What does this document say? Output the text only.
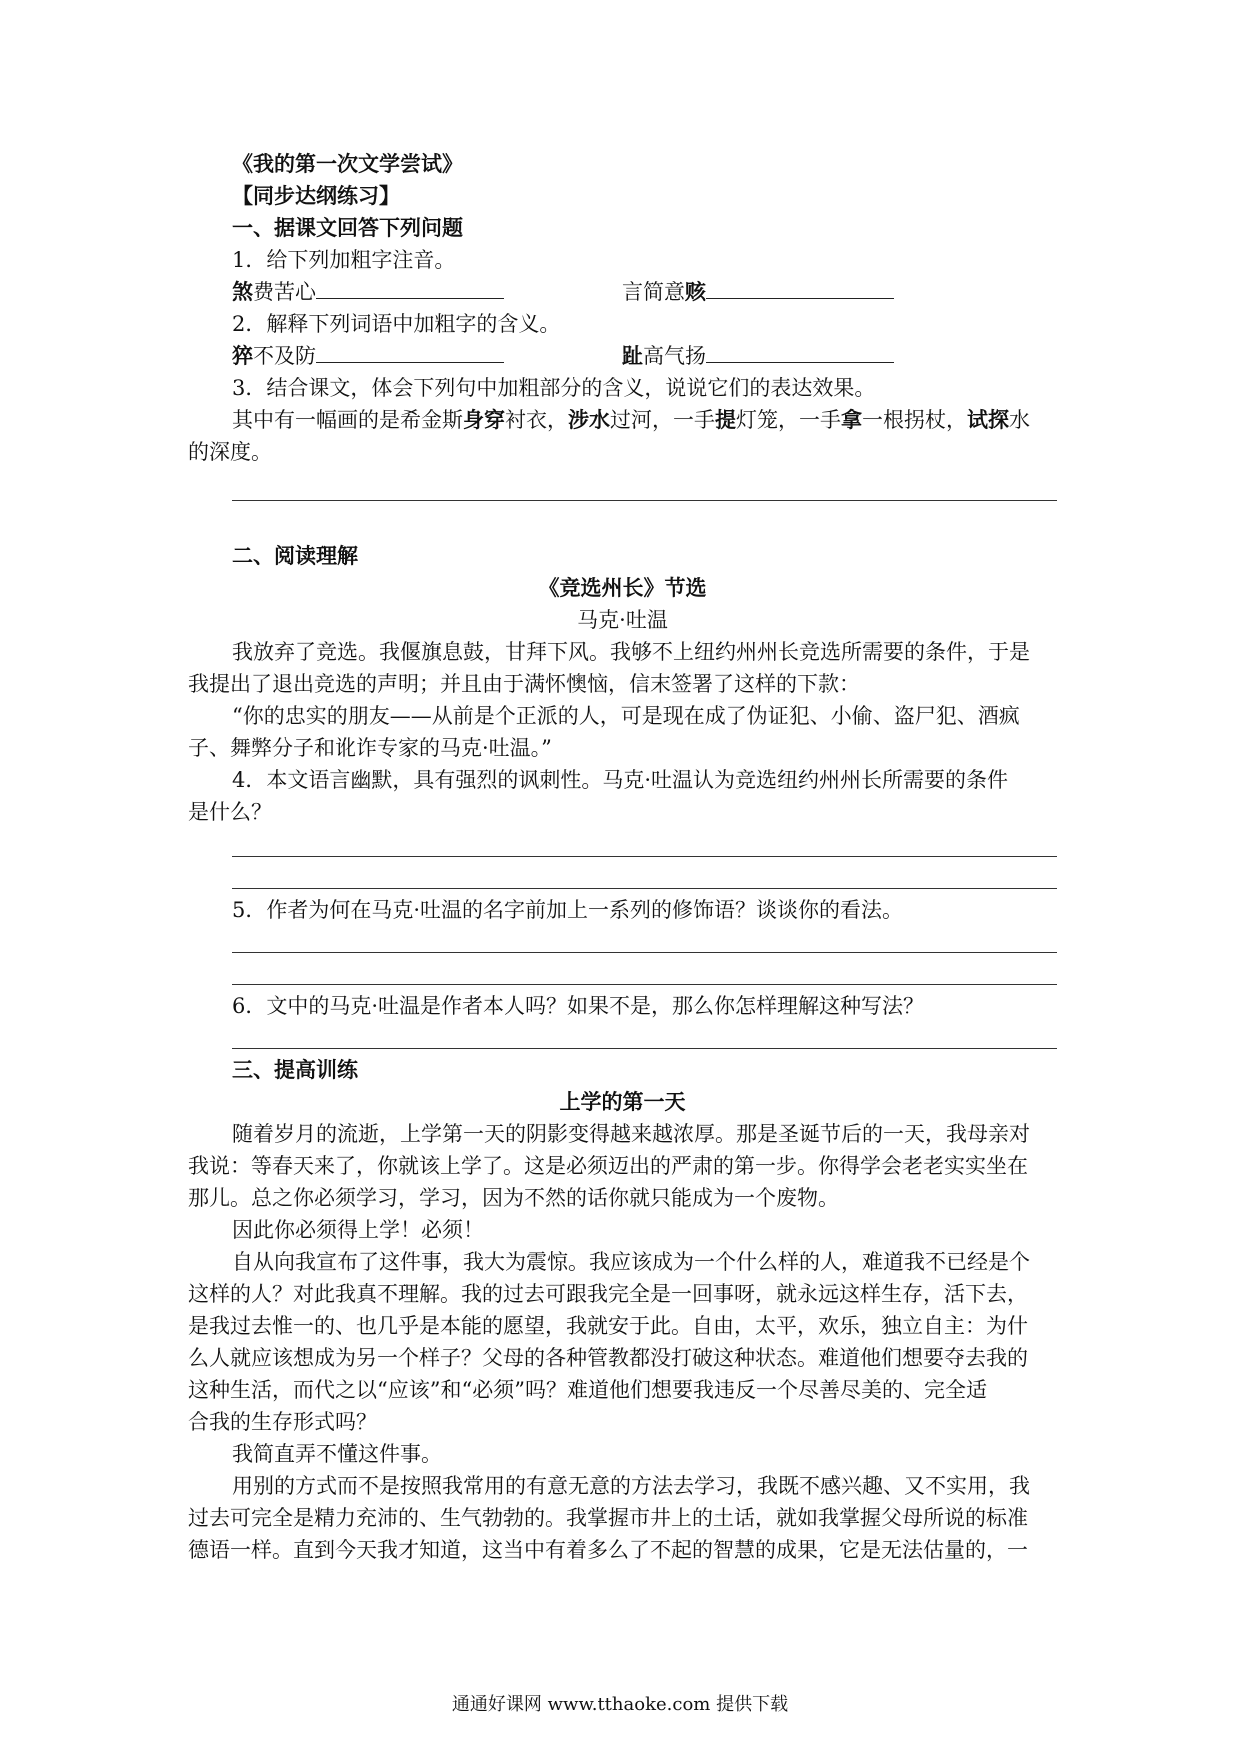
《我的第一次文学尝试》
【同步达纲练习】
一、据课文回答下列问题
1．给下列加粗字注音。
煞费苦心	言简意赅
2．解释下列词语中加粗字的含义。
猝不及防	趾高气扬
3．结合课文，体会下列句中加粗部分的含义，说说它们的表达效果。
其中有一幅画的是希金斯身穿衬衣，涉水过河，一手提灯笼，一手拿一根拐杖，试探水
的深度。
二、阅读理解
《竞选州长》节选
马克·吐温
我放弃了竞选。我偃旗息鼓，甘拜下风。我够不上纽约州州长竞选所需要的条件，于是
我提出了退出竞选的声明；并且由于满怀懊恼，信末签署了这样的下款：
“你的忠实的朋友——从前是个正派的人，可是现在成了伪证犯、小偷、盗尸犯、酒疯
子、舞弊分子和讹诈专家的马克·吐温。”
4．本文语言幽默，具有强烈的讽刺性。马克·吐温认为竞选纽约州州长所需要的条件
是什么？
5．作者为何在马克·吐温的名字前加上一系列的修饰语？谈谈你的看法。
6．文中的马克·吐温是作者本人吗？如果不是，那么你怎样理解这种写法？
三、提高训练
上学的第一天
随着岁月的流逝，上学第一天的阴影变得越来越浓厚。那是圣诞节后的一天，我母亲对
我说：等春天来了，你就该上学了。这是必须迈出的严肃的第一步。你得学会老老实实坐在
那儿。总之你必须学习，学习，因为不然的话你就只能成为一个废物。
因此你必须得上学！必须！
自从向我宣布了这件事，我大为震惊。我应该成为一个什么样的人，难道我不已经是个
这样的人？对此我真不理解。我的过去可跟我完全是一回事呀，就永远这样生存，活下去，
是我过去惟一的、也几乎是本能的愿望，我就安于此。自由，太平，欢乐，独立自主：为什
么人就应该想成为另一个样子？父母的各种管教都没打破这种状态。难道他们想要夺去我的
这种生活，而代之以“应该”和“必须”吗？难道他们想要我违反一个尽善尽美的、完全适
合我的生存形式吗？
我简直弄不懂这件事。
用别的方式而不是按照我常用的有意无意的方法去学习，我既不感兴趣、又不实用，我
过去可完全是精力充沛的、生气勃勃的。我掌握市井上的土话，就如我掌握父母所说的标准
德语一样。直到今天我才知道，这当中有着多么了不起的智慧的成果，它是无法估量的，一
通通好课网 www.tthaoke.com 提供下载
